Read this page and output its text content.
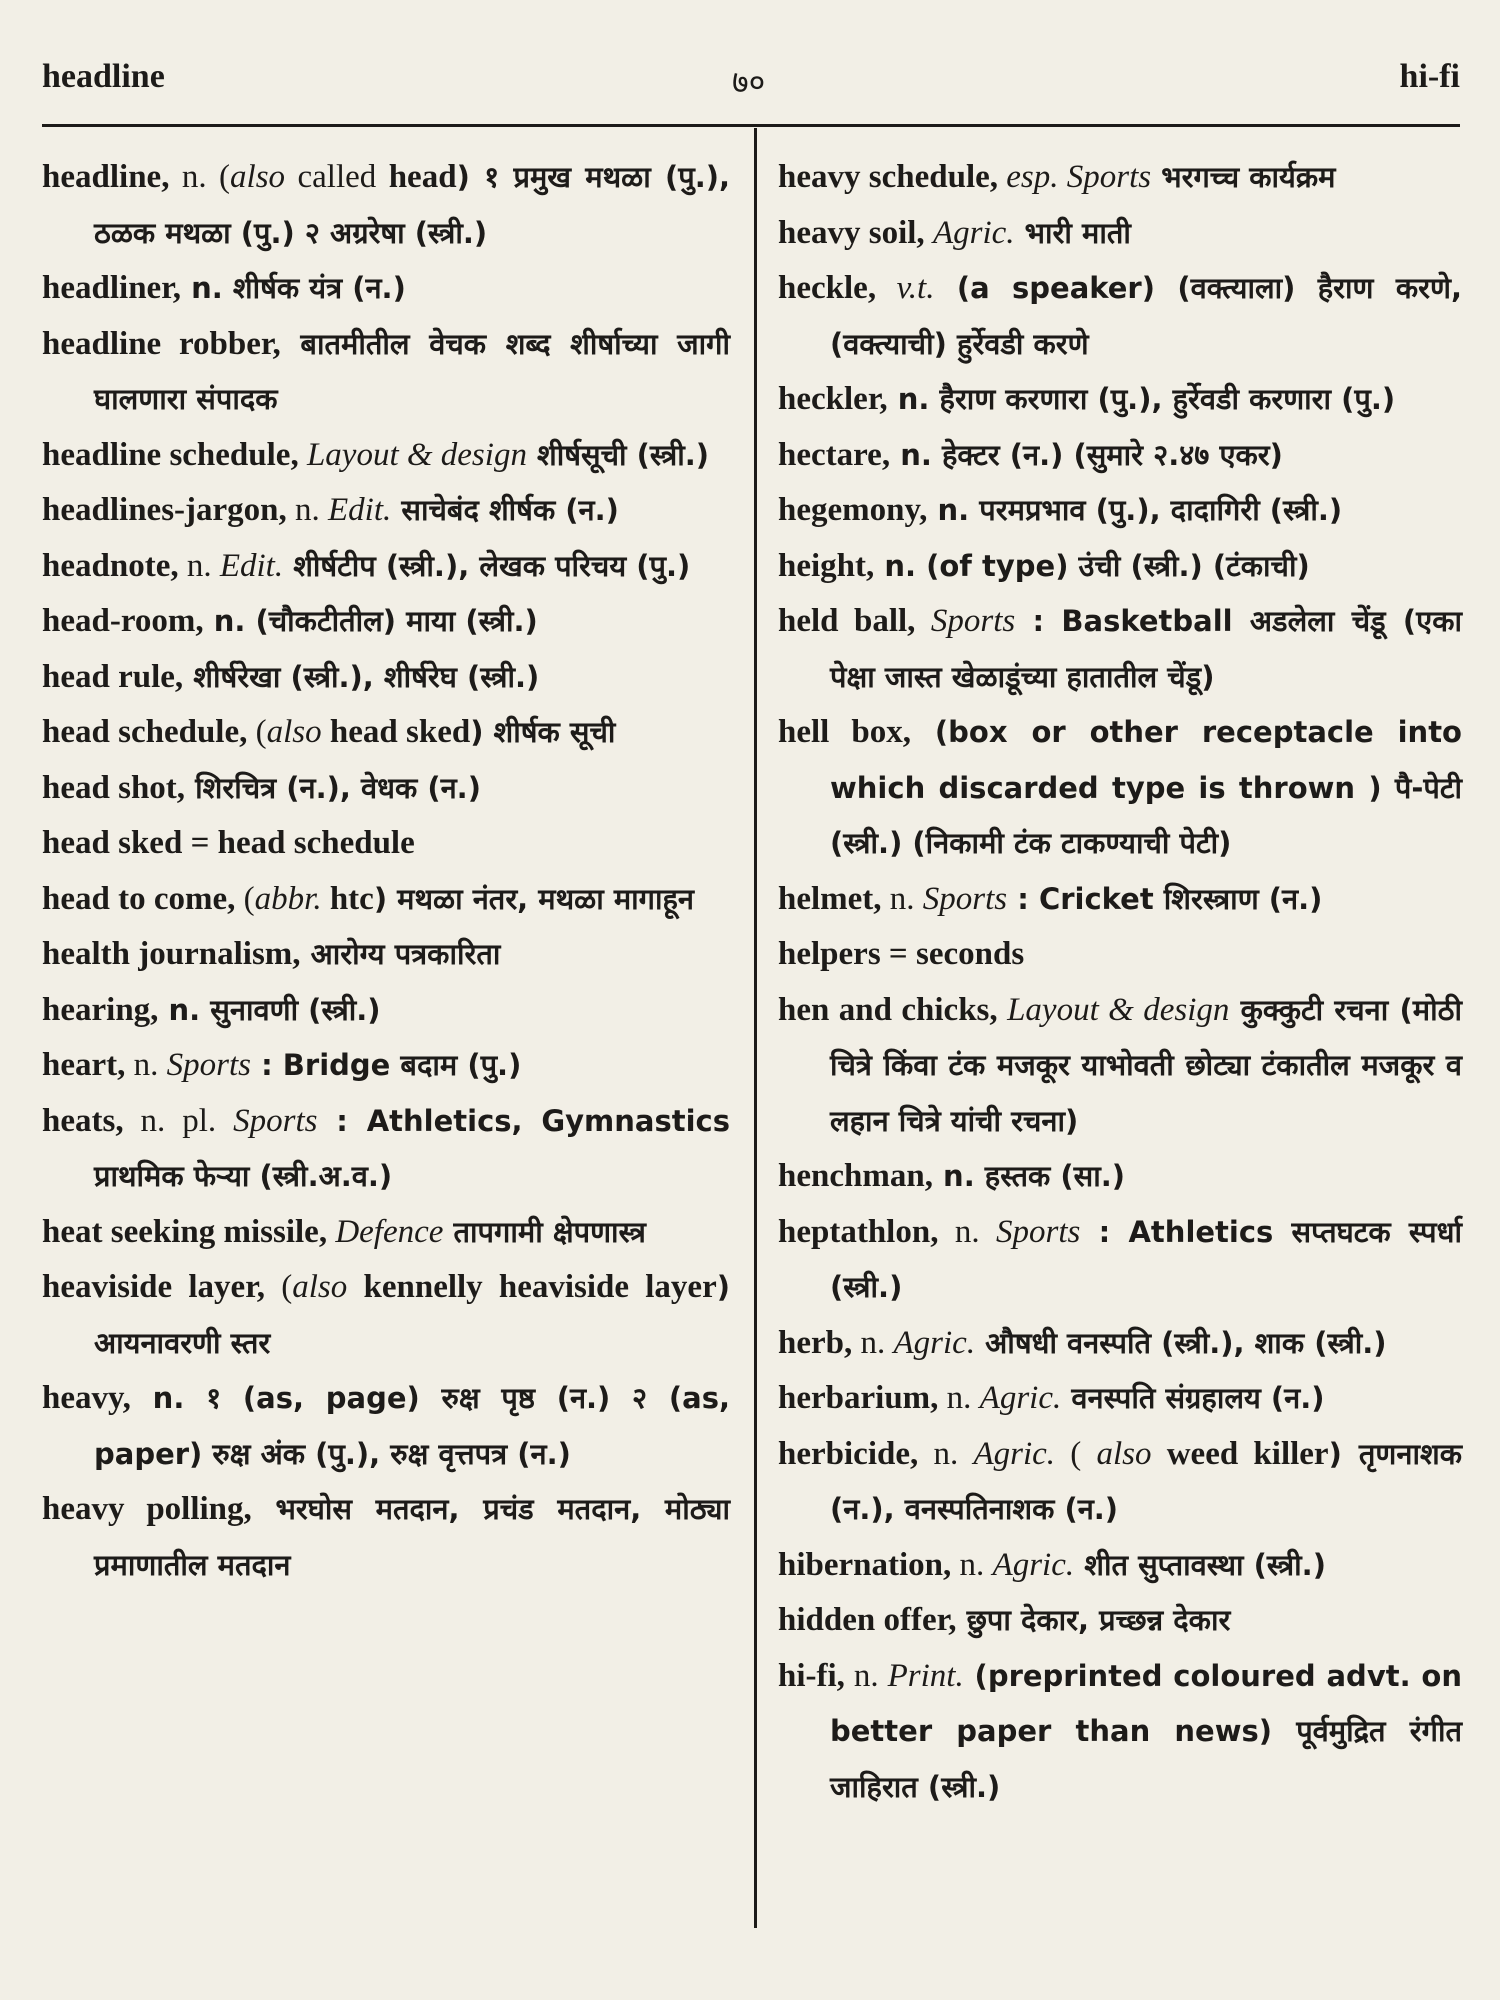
headline	७०	hi-fi

headline, n. (also called head) १ प्रमुख मथळा (पु.), ठळक मथळा (पु.) २ अग्ररेषा (स्त्री.)

headliner, n. शीर्षक यंत्र (न.)

headline robber, बातमीतील वेचक शब्द शीर्षाच्या जागी घालणारा संपादक

headline schedule, Layout & design शीर्षसूची (स्त्री.)

headlines-jargon, n. Edit. साचेबंद शीर्षक (न.)

headnote, n. Edit. शीर्षटीप (स्त्री.), लेखक परिचय (पु.)

head-room, n. (चौकटीतील) माया (स्त्री.)

head rule, शीर्षरेखा (स्त्री.), शीर्षरेघ (स्त्री.)

head schedule, (also head sked) शीर्षक सूची

head shot, शिरचित्र (न.), वेधक (न.)

head sked = head schedule

head to come, (abbr. htc) मथळा नंतर, मथळा मागाहून

health journalism, आरोग्य पत्रकारिता

hearing, n. सुनावणी (स्त्री.)

heart, n. Sports : Bridge बदाम (पु.)

heats, n. pl. Sports : Athletics, Gymnastics प्राथमिक फेऱ्या (स्त्री.अ.व.)

heat seeking missile, Defence तापगामी क्षेपणास्त्र

heaviside layer, (also kennelly heaviside layer) आयनावरणी स्तर

heavy, n. १ (as, page) रुक्ष पृष्ठ (न.) २ (as, paper) रुक्ष अंक (पु.), रुक्ष वृत्तपत्र (न.)

heavy polling, भरघोस मतदान, प्रचंड मतदान, मोठ्या प्रमाणातील मतदान

heavy schedule, esp. Sports भरगच्च कार्यक्रम

heavy soil, Agric. भारी माती

heckle, v.t. (a speaker) (वक्त्याला) हैराण करणे, (वक्त्याची) हुर्रेवडी करणे

heckler, n. हैराण करणारा (पु.), हुर्रेवडी करणारा (पु.)

hectare, n. हेक्टर (न.) (सुमारे २.४७ एकर)

hegemony, n. परमप्रभाव (पु.), दादागिरी (स्त्री.)

height, n. (of type) उंची (स्त्री.) (टंकाची)

held ball, Sports : Basketball अडलेला चेंडू (एका पेक्षा जास्त खेळाडूंच्या हातातील चेंडू)

hell box, (box or other receptacle into which discarded type is thrown ) पै-पेटी (स्त्री.) (निकामी टंक टाकण्याची पेटी)

helmet, n. Sports : Cricket शिरस्त्राण (न.)

helpers = seconds

hen and chicks, Layout & design कुक्कुटी रचना (मोठी चित्रे किंवा टंक मजकूर याभोवती छोट्या टंकातील मजकूर व लहान चित्रे यांची रचना)

henchman, n. हस्तक (सा.)

heptathlon, n. Sports : Athletics सप्तघटक स्पर्धा (स्त्री.)

herb, n. Agric. औषधी वनस्पति (स्त्री.), शाक (स्त्री.)

herbarium, n. Agric. वनस्पति संग्रहालय (न.)

herbicide, n. Agric. ( also weed killer) तृणनाशक (न.), वनस्पतिनाशक (न.)

hibernation, n. Agric. शीत सुप्तावस्था (स्त्री.)

hidden offer, छुपा देकार, प्रच्छन्न देकार

hi-fi, n. Print. (preprinted coloured advt. on better paper than news) पूर्वमुद्रित रंगीत जाहिरात (स्त्री.)
